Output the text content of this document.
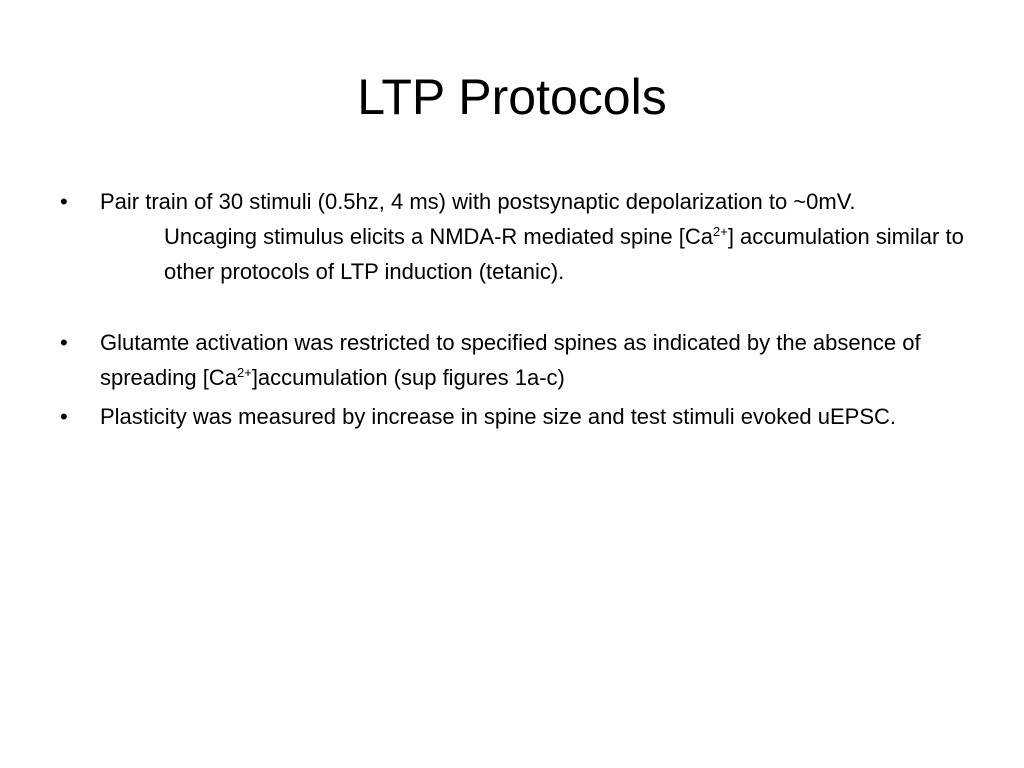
LTP Protocols
•	Pair train of 30 stimuli (0.5hz, 4 ms) with postsynaptic depolarization to ~0mV.
Uncaging stimulus elicits a NMDA-R mediated spine $[Ca^{2+}]$ accumulation similar to other protocols of LTP induction (tetanic).
•	Glutamte activation was restricted to specified spines as indicated by the absence of spreading $[Ca^{2+}]accumulation$ (sup figures 1a-c)
•	Plasticity was measured by increase in spine size and test stimuli evoked uEPSC.
